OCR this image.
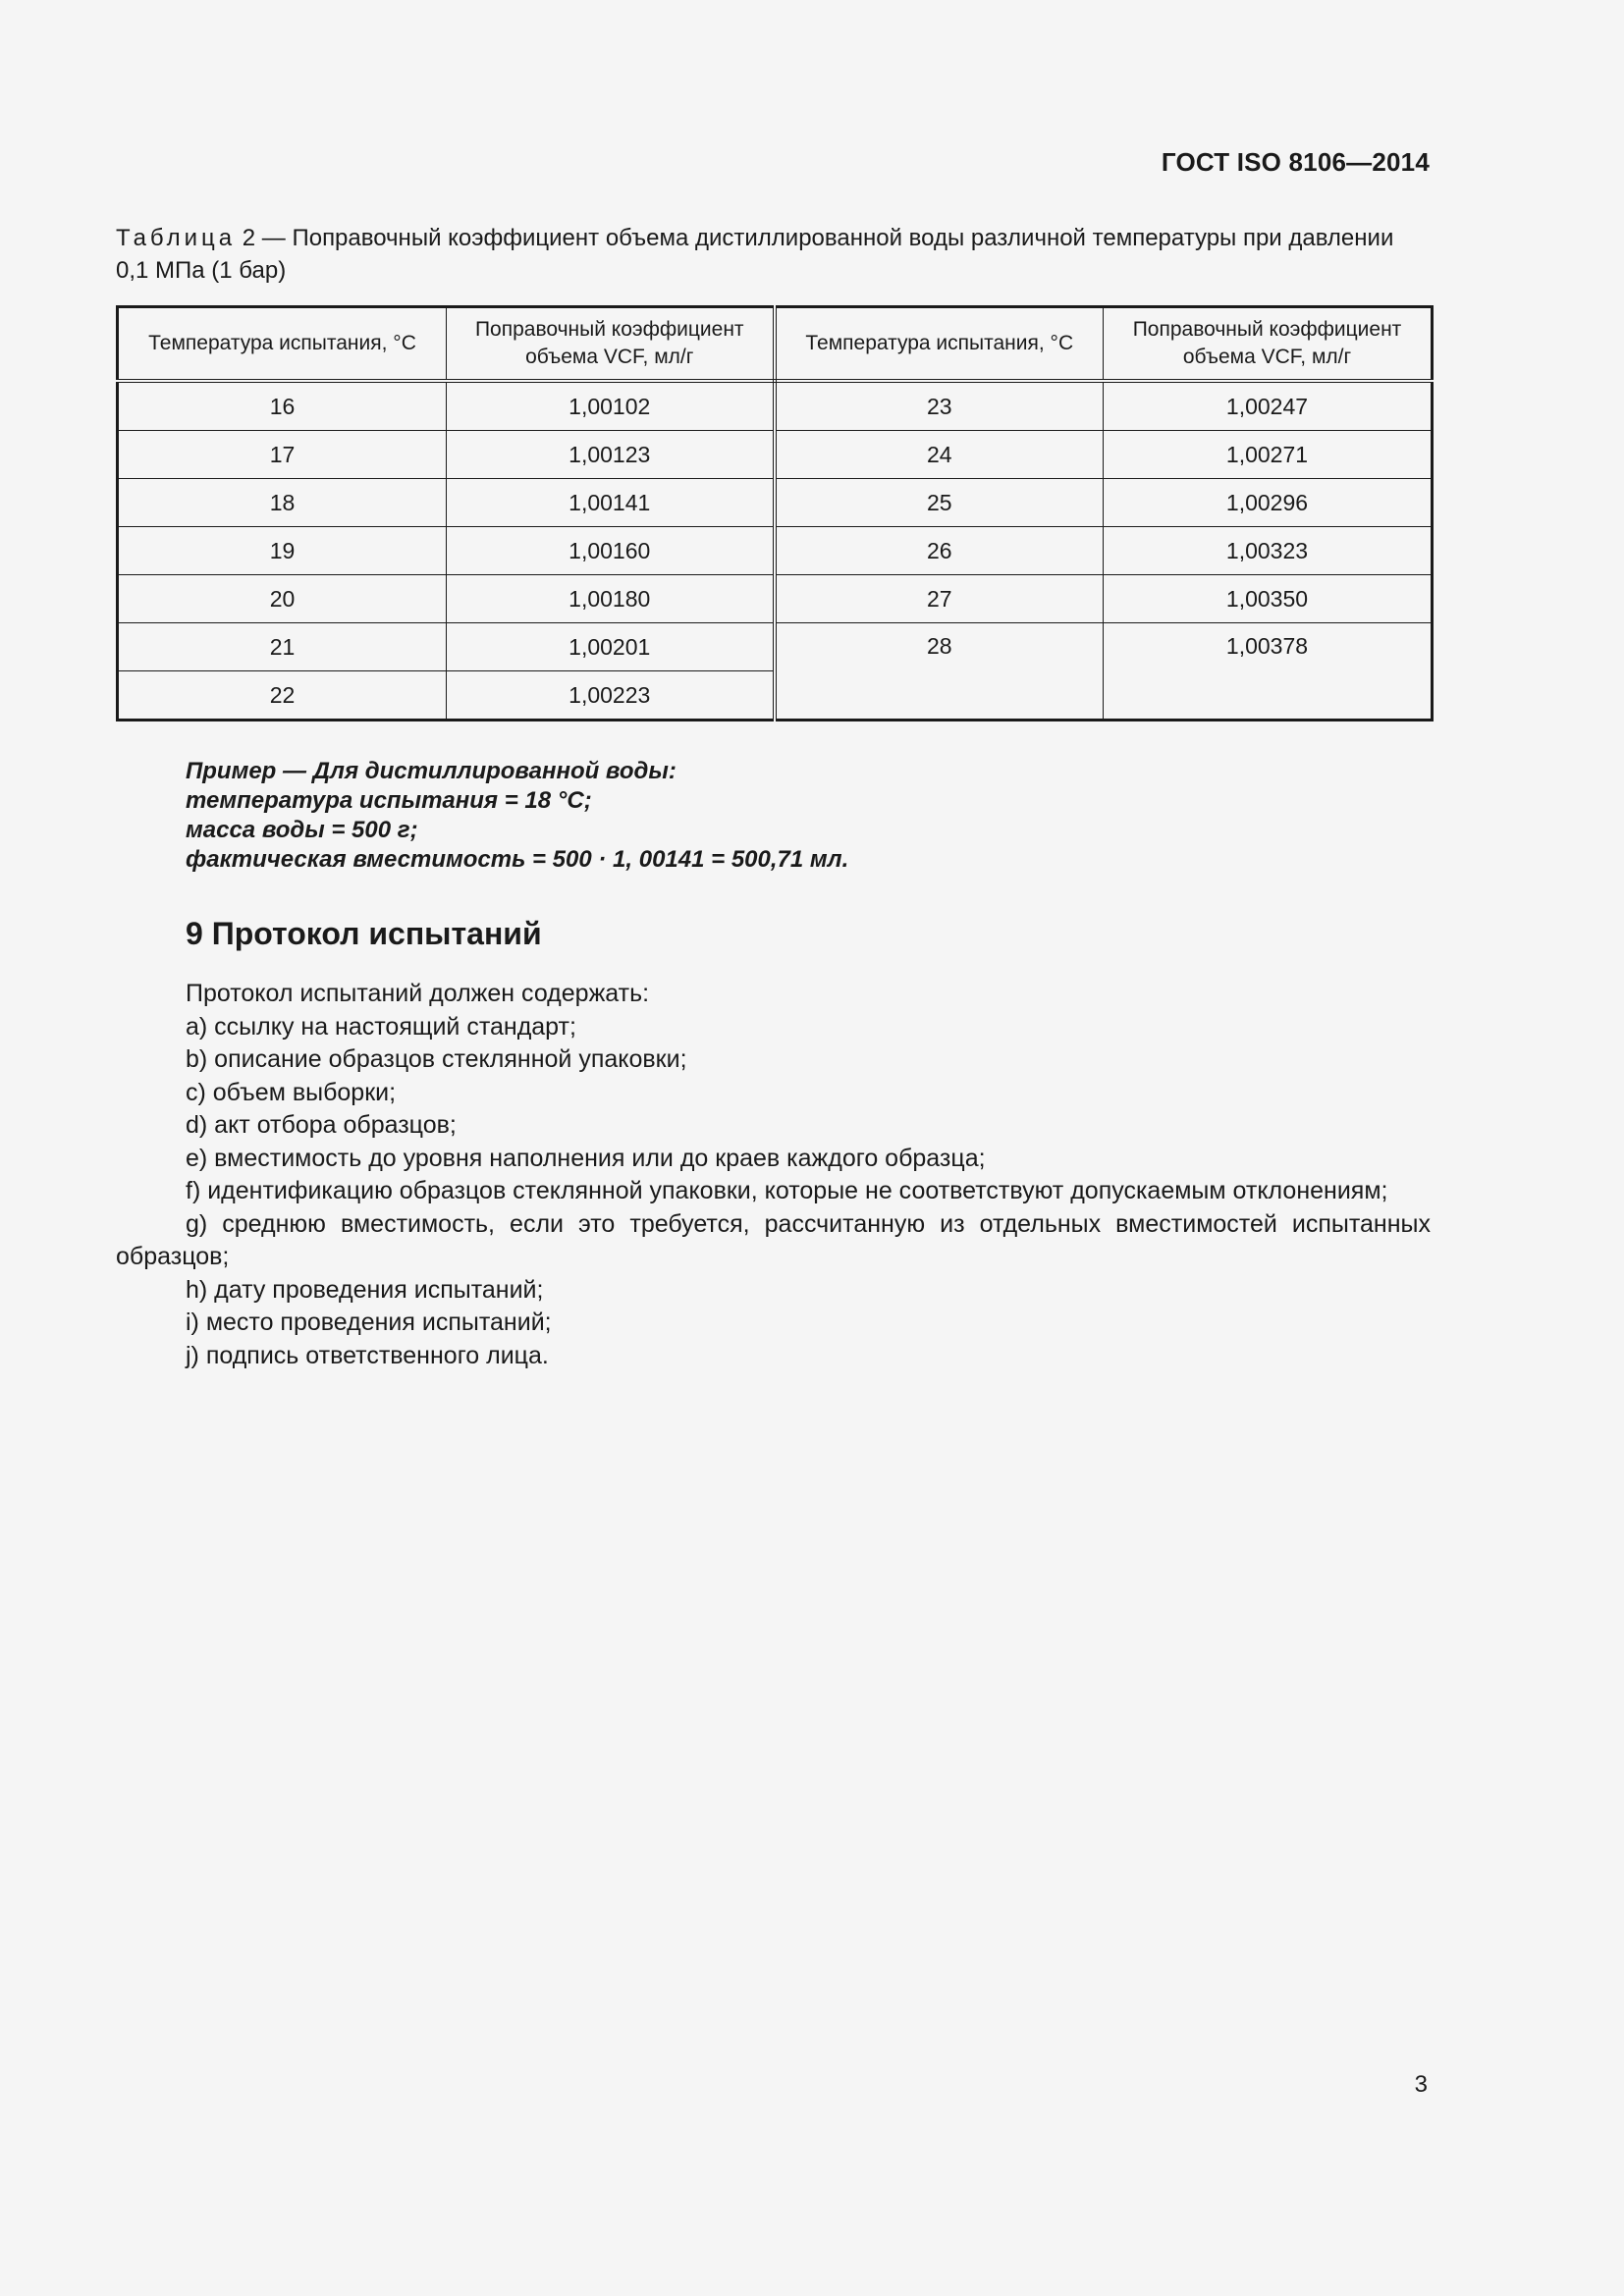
ГОСТ ISO 8106—2014
Таблица 2 — Поправочный коэффициент объема дистиллированной воды различной температуры при давлении 0,1 МПа (1 бар)
Температура испытания, °С	Поправочный коэффициент объема VCF, мл/г	Температура испытания, °С	Поправочный коэффициент объема VCF, мл/г
16	1,00102	23	1,00247
17	1,00123	24	1,00271
18	1,00141	25	1,00296
19	1,00160	26	1,00323
20	1,00180	27	1,00350
21	1,00201	28	1,00378
22	1,00223		
Пример — Для дистиллированной воды:
температура испытания = 18 °С;
масса воды = 500 г;
фактическая вместимость = 500 · 1, 00141 = 500,71 мл.
9 Протокол испытаний
Протокол испытаний должен содержать:
a) ссылку на настоящий стандарт;
b) описание образцов стеклянной упаковки;
c) объем выборки;
d) акт отбора образцов;
e) вместимость до уровня наполнения или до краев каждого образца;
f) идентификацию образцов стеклянной упаковки, которые не соответствуют допускаемым отклонениям;
g) среднюю вместимость, если это требуется, рассчитанную из отдельных вместимостей испытанных образцов;
h) дату проведения испытаний;
i) место проведения испытаний;
j) подпись ответственного лица.
3
